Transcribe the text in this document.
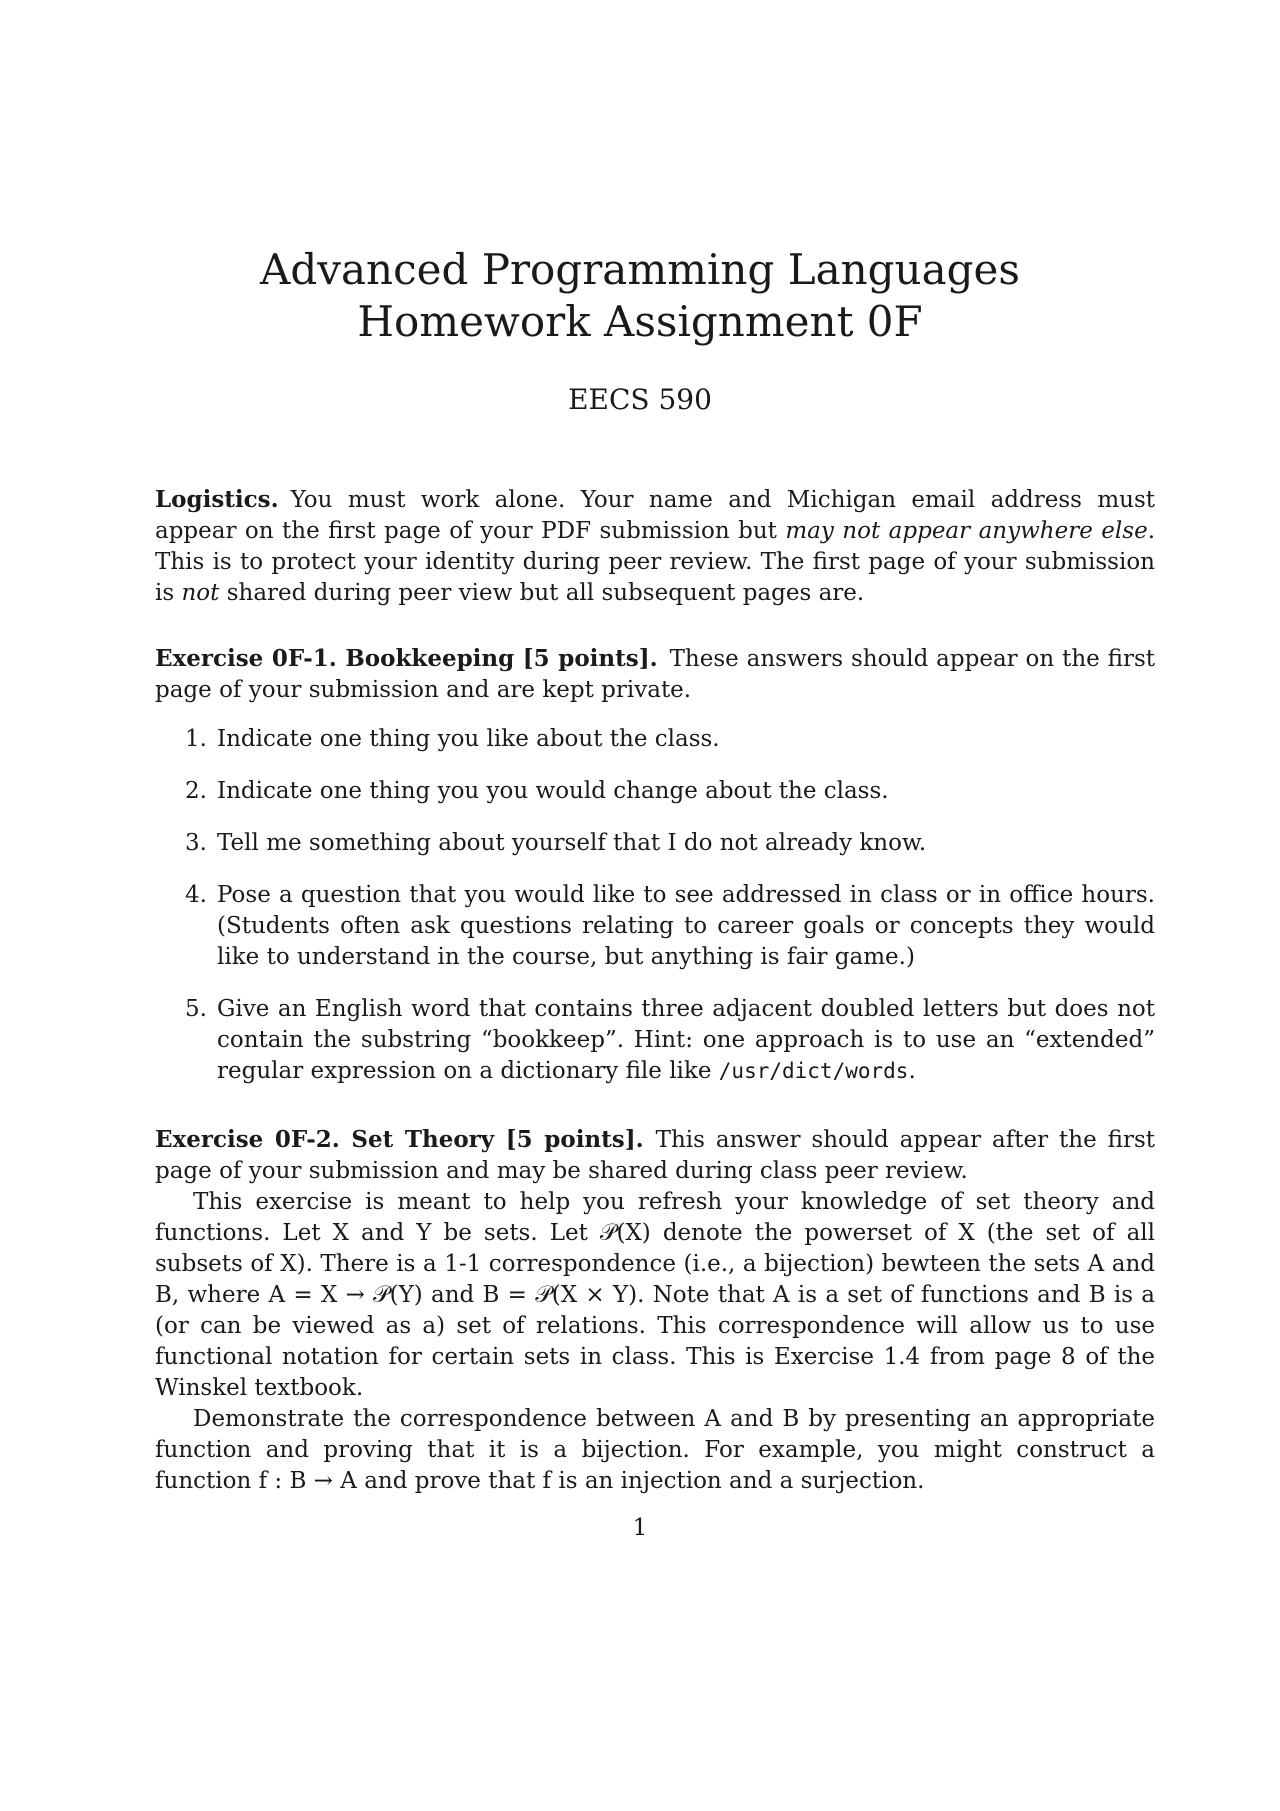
Advanced Programming Languages
Homework Assignment 0F
EECS 590
Logistics. You must work alone. Your name and Michigan email address must appear on the first page of your PDF submission but may not appear anywhere else. This is to protect your identity during peer review. The first page of your submission is not shared during peer view but all subsequent pages are.
Exercise 0F-1. Bookkeeping [5 points]. These answers should appear on the first page of your submission and are kept private.
1. Indicate one thing you like about the class.
2. Indicate one thing you you would change about the class.
3. Tell me something about yourself that I do not already know.
4. Pose a question that you would like to see addressed in class or in office hours. (Students often ask questions relating to career goals or concepts they would like to understand in the course, but anything is fair game.)
5. Give an English word that contains three adjacent doubled letters but does not contain the substring “bookkeep”. Hint: one approach is to use an “extended” regular expression on a dictionary file like /usr/dict/words.
Exercise 0F-2. Set Theory [5 points]. This answer should appear after the first page of your submission and may be shared during class peer review.
This exercise is meant to help you refresh your knowledge of set theory and functions. Let X and Y be sets. Let 𝒫(X) denote the powerset of X (the set of all subsets of X). There is a 1-1 correspondence (i.e., a bijection) bewteen the sets A and B, where A = X → 𝒫(Y) and B = 𝒫(X × Y). Note that A is a set of functions and B is a (or can be viewed as a) set of relations. This correspondence will allow us to use functional notation for certain sets in class. This is Exercise 1.4 from page 8 of the Winskel textbook.
Demonstrate the correspondence between A and B by presenting an appropriate function and proving that it is a bijection. For example, you might construct a function f : B → A and prove that f is an injection and a surjection.
1
